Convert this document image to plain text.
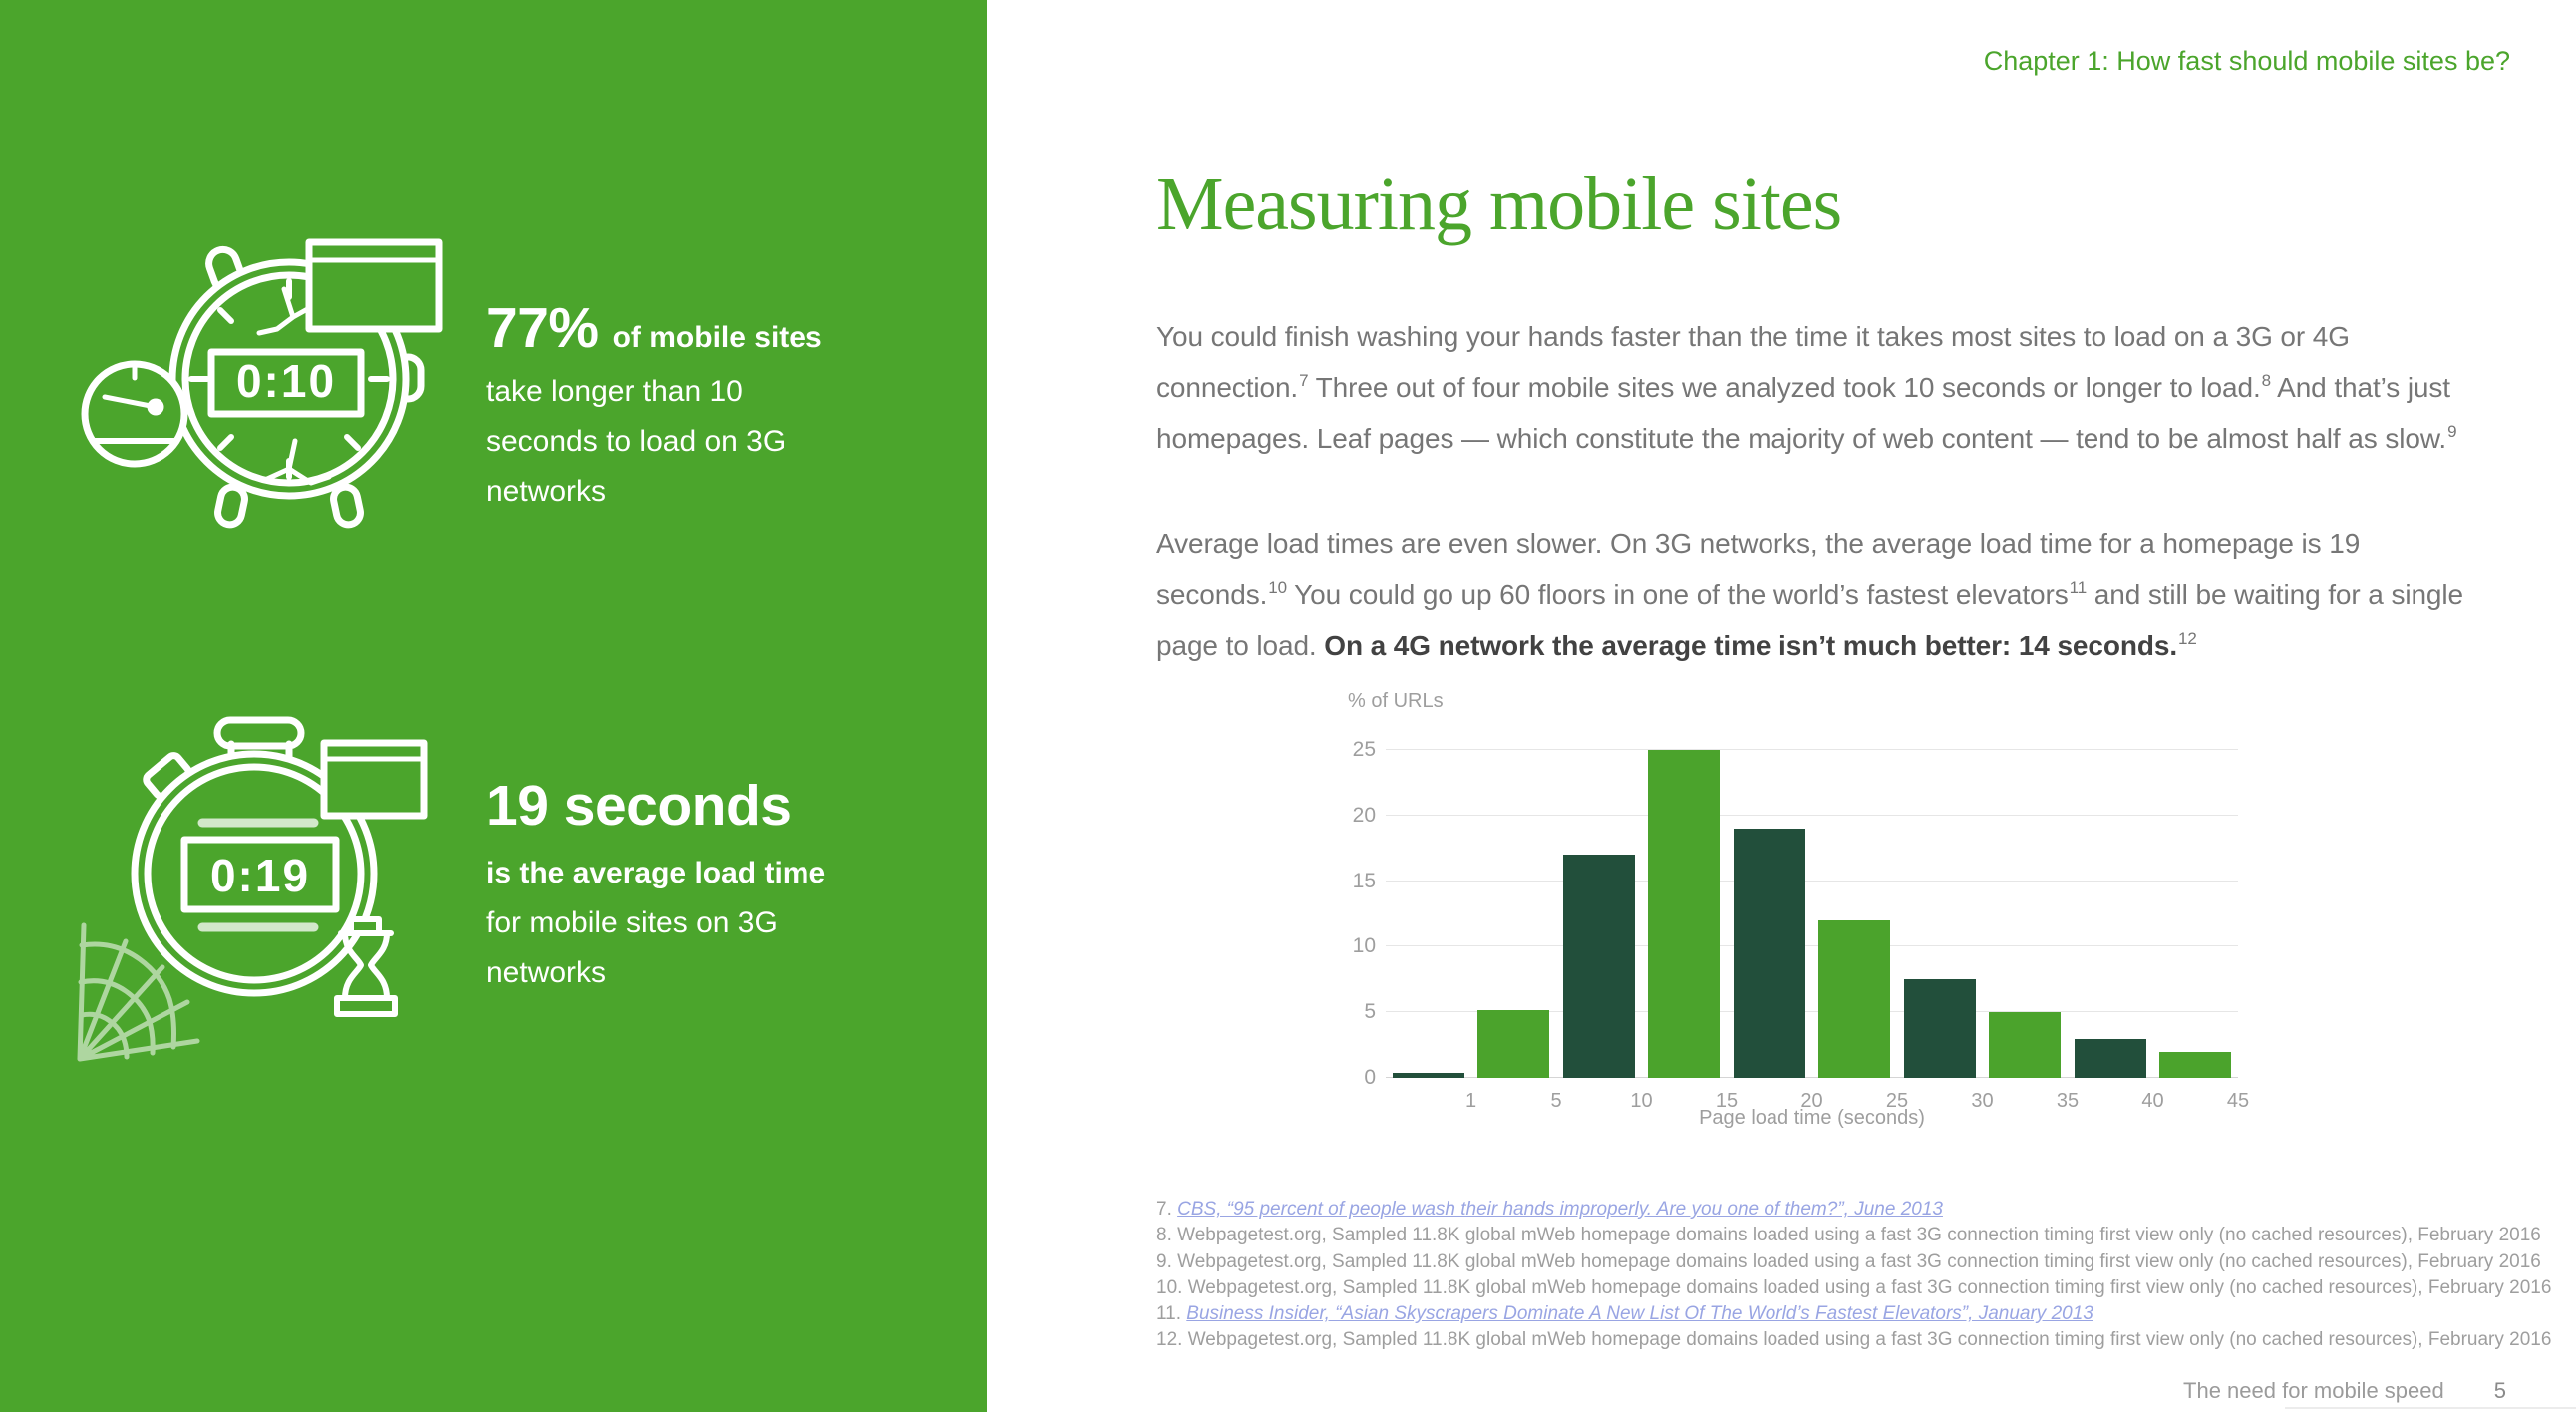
0:10
77% of mobile sites
take longer than 10
seconds to load on 3G
networks
0:19
19 seconds
is the average load time
for mobile sites on 3G
networks
Chapter 1: How fast should mobile sites be?
Measuring mobile sites

You could finish washing your hands faster than the time it takes most sites to load on a 3G or 4G connection.$^7$ Three out of four mobile sites we analyzed took 10 seconds or longer to load.$^8$ And that’s just homepages. Leaf pages — which constitute the majority of web content — tend to be almost half as slow.$^9$

Average load times are even slower. On 3G networks, the average load time for a homepage is 19 seconds.$^{10}$ You could go up 60 floors in one of the world’s fastest elevators$^{11}$ and still be waiting for a single page to load. On a 4G network the average time isn’t much better: 14 seconds.$^{12}$

% of URLs
0
5
10
15
20
25
1	5	10	15	20	25	30	35	40	45
Page load time (seconds)
7. CBS, “95 percent of people wash their hands improperly. Are you one of them?”, June 2013
8. Webpagetest.org, Sampled 11.8K global mWeb homepage domains loaded using a fast 3G connection timing first view only (no cached resources), February 2016
9. Webpagetest.org, Sampled 11.8K global mWeb homepage domains loaded using a fast 3G connection timing first view only (no cached resources), February 2016
10. Webpagetest.org, Sampled 11.8K global mWeb homepage domains loaded using a fast 3G connection timing first view only (no cached resources), February 2016
11. Business Insider, “Asian Skyscrapers Dominate A New List Of The World’s Fastest Elevators”, January 2013
12. Webpagetest.org, Sampled 11.8K global mWeb homepage domains loaded using a fast 3G connection timing first view only (no cached resources), February 2016
The need for mobile speed 5
